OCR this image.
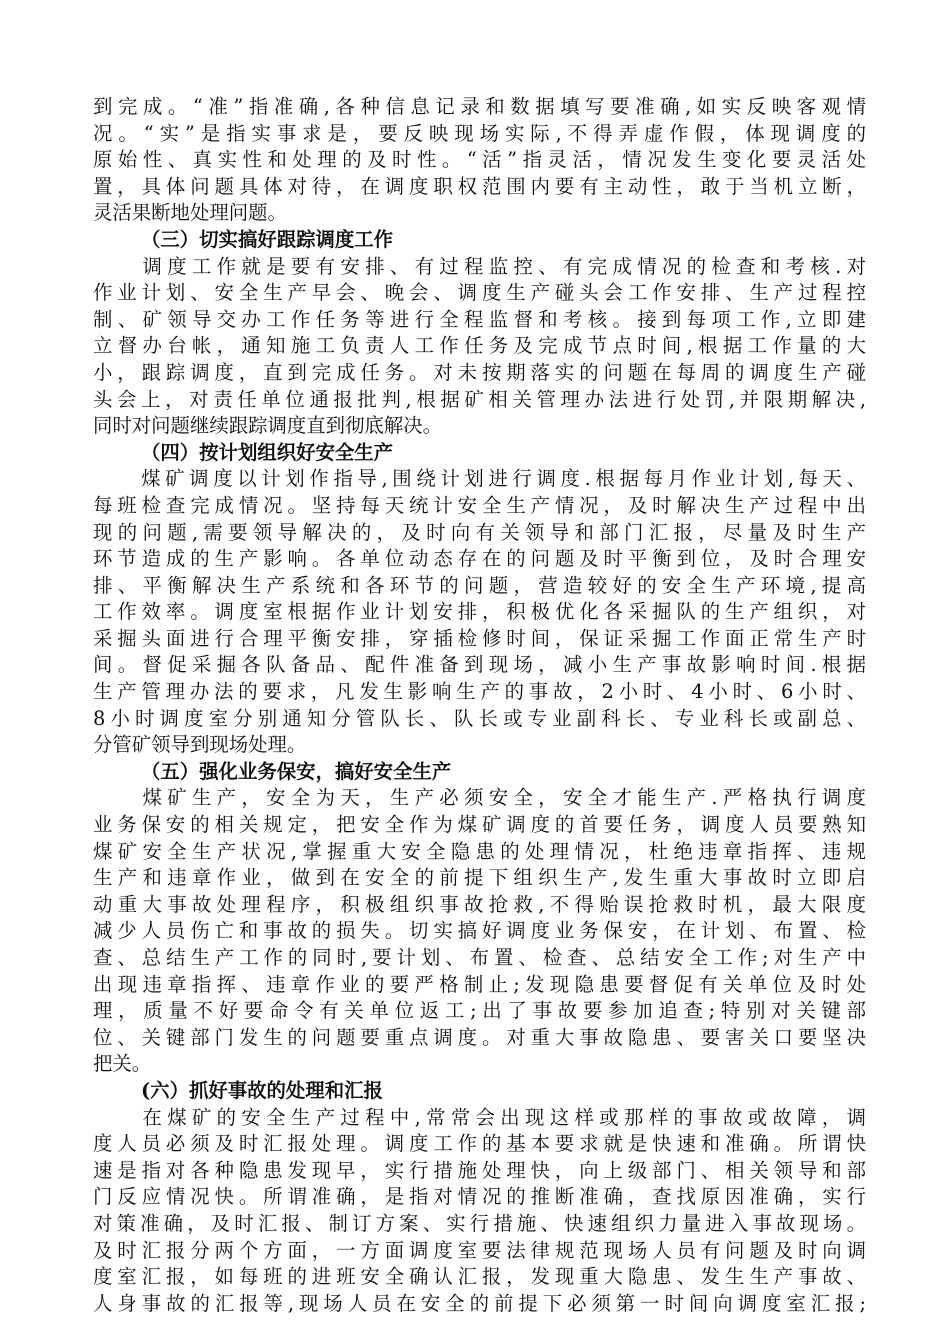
到完成。“准”指准确,各种信息记录和数据填写要准确,如实反映客观情
况。“实”是指实事求是，要反映现场实际,不得弄虚作假，体现调度的
原始性、真实性和处理的及时性。“活”指灵活，情况发生变化要灵活处
置，具体问题具体对待，在调度职权范围内要有主动性，敢于当机立断，
灵活果断地处理问题。
（三）切实搞好跟踪调度工作
　　调度工作就是要有安排、有过程监控、有完成情况的检查和考核.对
作业计划、安全生产早会、晚会、调度生产碰头会工作安排、生产过程控
制、矿领导交办工作任务等进行全程监督和考核。接到每项工作,立即建
立督办台帐，通知施工负责人工作任务及完成节点时间,根据工作量的大
小，跟踪调度，直到完成任务。对未按期落实的问题在每周的调度生产碰
头会上，对责任单位通报批判,根据矿相关管理办法进行处罚,并限期解决,
同时对问题继续跟踪调度直到彻底解决。
（四）按计划组织好安全生产
　　煤矿调度以计划作指导,围绕计划进行调度.根据每月作业计划,每天、
每班检查完成情况。坚持每天统计安全生产情况，及时解决生产过程中出
现的问题,需要领导解决的，及时向有关领导和部门汇报，尽量及时生产
环节造成的生产影响。各单位动态存在的问题及时平衡到位，及时合理安
排、平衡解决生产系统和各环节的问题，营造较好的安全生产环境,提高
工作效率。调度室根据作业计划安排，积极优化各采掘队的生产组织，对
采掘头面进行合理平衡安排，穿插检修时间，保证采掘工作面正常生产时
间。督促采掘各队备品、配件准备到现场，减小生产事故影响时间.根据
生产管理办法的要求，凡发生影响生产的事故，2小时、4小时、6小时、
8小时调度室分别通知分管队长、队长或专业副科长、专业科长或副总、
分管矿领导到现场处理。
（五）强化业务保安，搞好安全生产
　　煤矿生产，安全为天，生产必须安全，安全才能生产.严格执行调度
业务保安的相关规定，把安全作为煤矿调度的首要任务，调度人员要熟知
煤矿安全生产状况,掌握重大安全隐患的处理情况，杜绝违章指挥、违规
生产和违章作业，做到在安全的前提下组织生产,发生重大事故时立即启
动重大事故处理程序，积极组织事故抢救,不得贻误抢救时机，最大限度
减少人员伤亡和事故的损失。切实搞好调度业务保安，在计划、布置、检
查、总结生产工作的同时,要计划、布置、检查、总结安全工作;对生产中
出现违章指挥、违章作业的要严格制止;发现隐患要督促有关单位及时处
理，质量不好要命令有关单位返工;出了事故要参加追查;特别对关键部
位、关键部门发生的问题要重点调度。对重大事故隐患、要害关口要坚决
把关。
(六）抓好事故的处理和汇报
　　在煤矿的安全生产过程中,常常会出现这样或那样的事故或故障，调
度人员必须及时汇报处理。调度工作的基本要求就是快速和准确。所谓快
速是指对各种隐患发现早，实行措施处理快，向上级部门、相关领导和部
门反应情况快。所谓准确，是指对情况的推断准确，查找原因准确，实行
对策准确，及时汇报、制订方案、实行措施、快速组织力量进入事故现场。
及时汇报分两个方面，一方面调度室要法律规范现场人员有问题及时向调
度室汇报，如每班的进班安全确认汇报，发现重大隐患、发生生产事故、
人身事故的汇报等,现场人员在安全的前提下必须第一时间向调度室汇报;
